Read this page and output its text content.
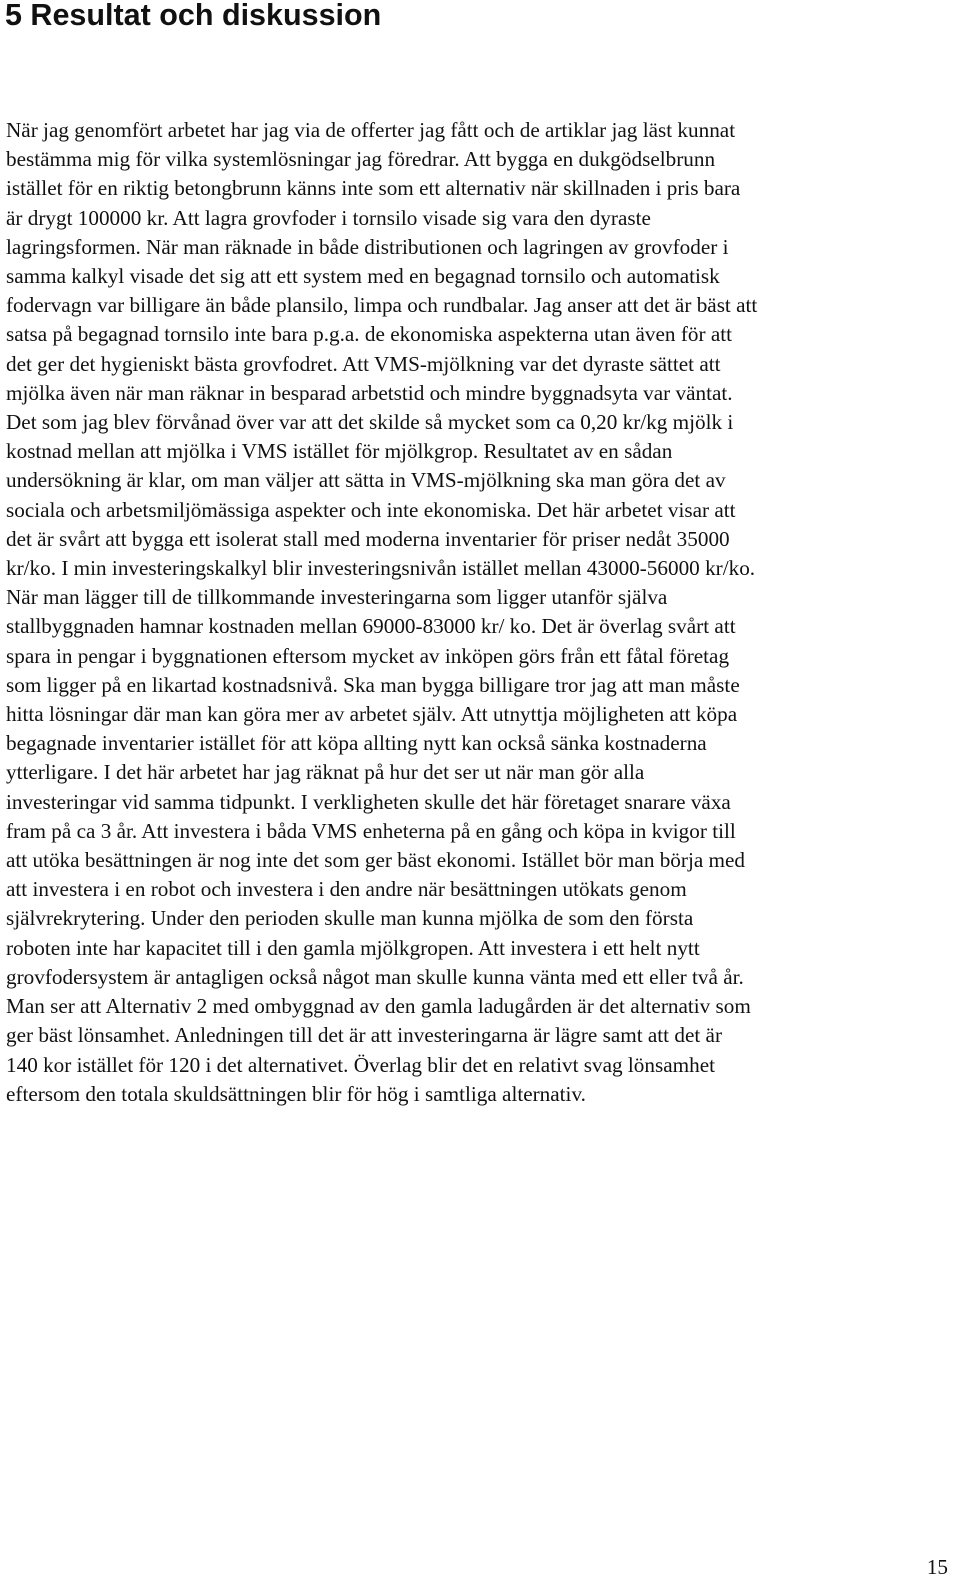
5 Resultat och diskussion
När jag genomfört arbetet har jag via de offerter jag fått och de artiklar jag läst kunnat
bestämma mig för vilka systemlösningar jag föredrar. Att bygga en dukgödselbrunn
istället för en riktig betongbrunn känns inte som ett alternativ när skillnaden i pris bara
är drygt 100000 kr. Att lagra grovfoder i tornsilo visade sig vara den dyraste
lagringsformen. När man räknade in både distributionen och lagringen av grovfoder i
samma kalkyl visade det sig att ett system med en begagnad tornsilo och automatisk
fodervagn var billigare än både plansilo, limpa och rundbalar. Jag anser att det är bäst att
satsa på begagnad tornsilo inte bara p.g.a. de ekonomiska aspekterna utan även för att
det ger det hygieniskt bästa grovfodret. Att VMS-mjölkning var det dyraste sättet att
mjölka även när man räknar in besparad arbetstid och mindre byggnadsyta var väntat.
Det som jag blev förvånad över var att det skilde så mycket som ca 0,20 kr/kg mjölk i
kostnad mellan att mjölka i VMS istället för mjölkgrop. Resultatet av en sådan
undersökning är klar, om man väljer att sätta in VMS-mjölkning ska man göra det av
sociala och arbetsmiljömässiga aspekter och inte ekonomiska. Det här arbetet visar att
det är svårt att bygga ett isolerat stall med moderna inventarier för priser nedåt 35000
kr/ko. I min investeringskalkyl blir investeringsnivån istället mellan 43000-56000 kr/ko.
När man lägger till de tillkommande investeringarna som ligger utanför själva
stallbyggnaden hamnar kostnaden mellan 69000-83000 kr/ ko. Det är överlag svårt att
spara in pengar i byggnationen eftersom mycket av inköpen görs från ett fåtal företag
som ligger på en likartad kostnadsnivå. Ska man bygga billigare tror jag att man måste
hitta lösningar där man kan göra mer av arbetet själv. Att utnyttja möjligheten att köpa
begagnade inventarier istället för att köpa allting nytt kan också sänka kostnaderna
ytterligare. I det här arbetet har jag räknat på hur det ser ut när man gör alla
investeringar vid samma tidpunkt. I verkligheten skulle det här företaget snarare växa
fram på ca 3 år. Att investera i båda VMS enheterna på en gång och köpa in kvigor till
att utöka besättningen är nog inte det som ger bäst ekonomi. Istället bör man börja med
att investera i en robot och investera i den andre när besättningen utökats genom
självrekrytering. Under den perioden skulle man kunna mjölka de som den första
roboten inte har kapacitet till i den gamla mjölkgropen. Att investera i ett helt nytt
grovfodersystem är antagligen också något man skulle kunna vänta med ett eller två år.
Man ser att Alternativ 2 med ombyggnad av den gamla ladugården är det alternativ som
ger bäst lönsamhet. Anledningen till det är att investeringarna är lägre samt att det är
140 kor istället för 120 i det alternativet. Överlag blir det en relativt svag lönsamhet
eftersom den totala skuldsättningen blir för hög i samtliga alternativ.
15
